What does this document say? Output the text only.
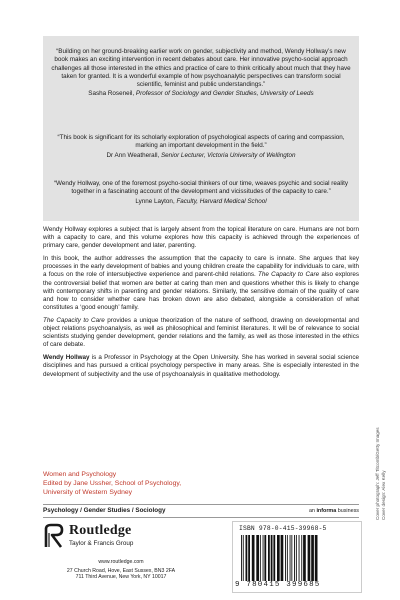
“Building on her ground-breaking earlier work on gender, subjectivity and method, Wendy Hollway’s new book makes an exciting intervention in recent debates about care. Her innovative psycho-social approach challenges all those interested in the ethics and practice of care to think critically about much that they have taken for granted. It is a wonderful example of how psychoanalytic perspectives can transform social scientific, feminist and public understandings.”

Sasha Roseneil, Professor of Sociology and Gender Studies, University of Leeds

“This book is significant for its scholarly exploration of psychological aspects of caring and compassion, marking an important development in the field.”

Dr Ann Weatherall, Senior Lecturer, Victoria University of Wellington

“Wendy Hollway, one of the foremost psycho-social thinkers of our time, weaves psychic and social reality together in a fascinating account of the development and vicissitudes of the capacity to care.”

Lynne Layton, Faculty, Harvard Medical School

Wendy Hollway explores a subject that is largely absent from the topical literature on care. Humans are not born with a capacity to care, and this volume explores how this capacity is achieved through the experiences of primary care, gender development and later, parenting.

In this book, the author addresses the assumption that the capacity to care is innate. She argues that key processes in the early development of babies and young children create the capability for individuals to care, with a focus on the role of intersubjective experience and parent-child relations. The Capacity to Care also explores the controversial belief that women are better at caring than men and questions whether this is likely to change with contemporary shifts in parenting and gender relations. Similarly, the sensitive domain of the quality of care and how to consider whether care has broken down are also debated, alongside a consideration of what constitutes a ‘good enough’ family.

The Capacity to Care provides a unique theorization of the nature of selfhood, drawing on developmental and object relations psychoanalysis, as well as philosophical and feminist literatures. It will be of relevance to social scientists studying gender development, gender relations and the family, as well as those interested in the ethics of care debate.

Wendy Hollway is a Professor in Psychology at the Open University. She has worked in several social science disciplines and has pursued a critical psychology perspective in many areas. She is especially interested in the development of subjectivity and the use of psychoanalysis in qualitative methodology.

Women and Psychology
Edited by Jane Ussher, School of Psychology,
University of Western Sydney
Psychology / Gender Studies / Sociology	an informa business
Routledge
Taylor & Francis Group
www.routledge.com
27 Church Road, Hove, East Sussex, BN3 2FA
711 Third Avenue, New York, NY 10017
ISBN 978-0-415-39968-5
9 780415 399685
Cover photograph: Jeff Titcomb/Getty Images Cover design: Alex Kelly
